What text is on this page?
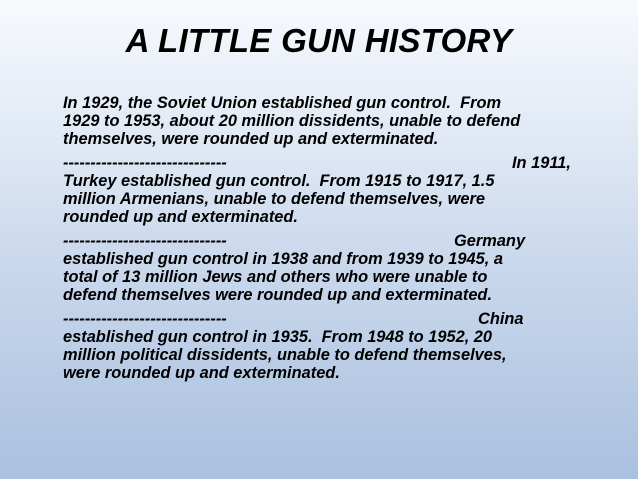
A LITTLE GUN HISTORY
In 1929, the Soviet Union established gun control.  From
1929 to 1953, about 20 million dissidents, unable to defend
themselves, were rounded up and exterminated.

------------------------------

	In 1911,

Turkey established gun control.  From 1915 to 1917, 1.5
million Armenians, unable to defend themselves, were
rounded up and exterminated.

------------------------------

	Germany

established gun control in 1938 and from 1939 to 1945, a
total of 13 million Jews and others who were unable to
defend themselves were rounded up and exterminated.

------------------------------

	China

established gun control in 1935.  From 1948 to 1952, 20
million political dissidents, unable to defend themselves,
were rounded up and exterminated.
